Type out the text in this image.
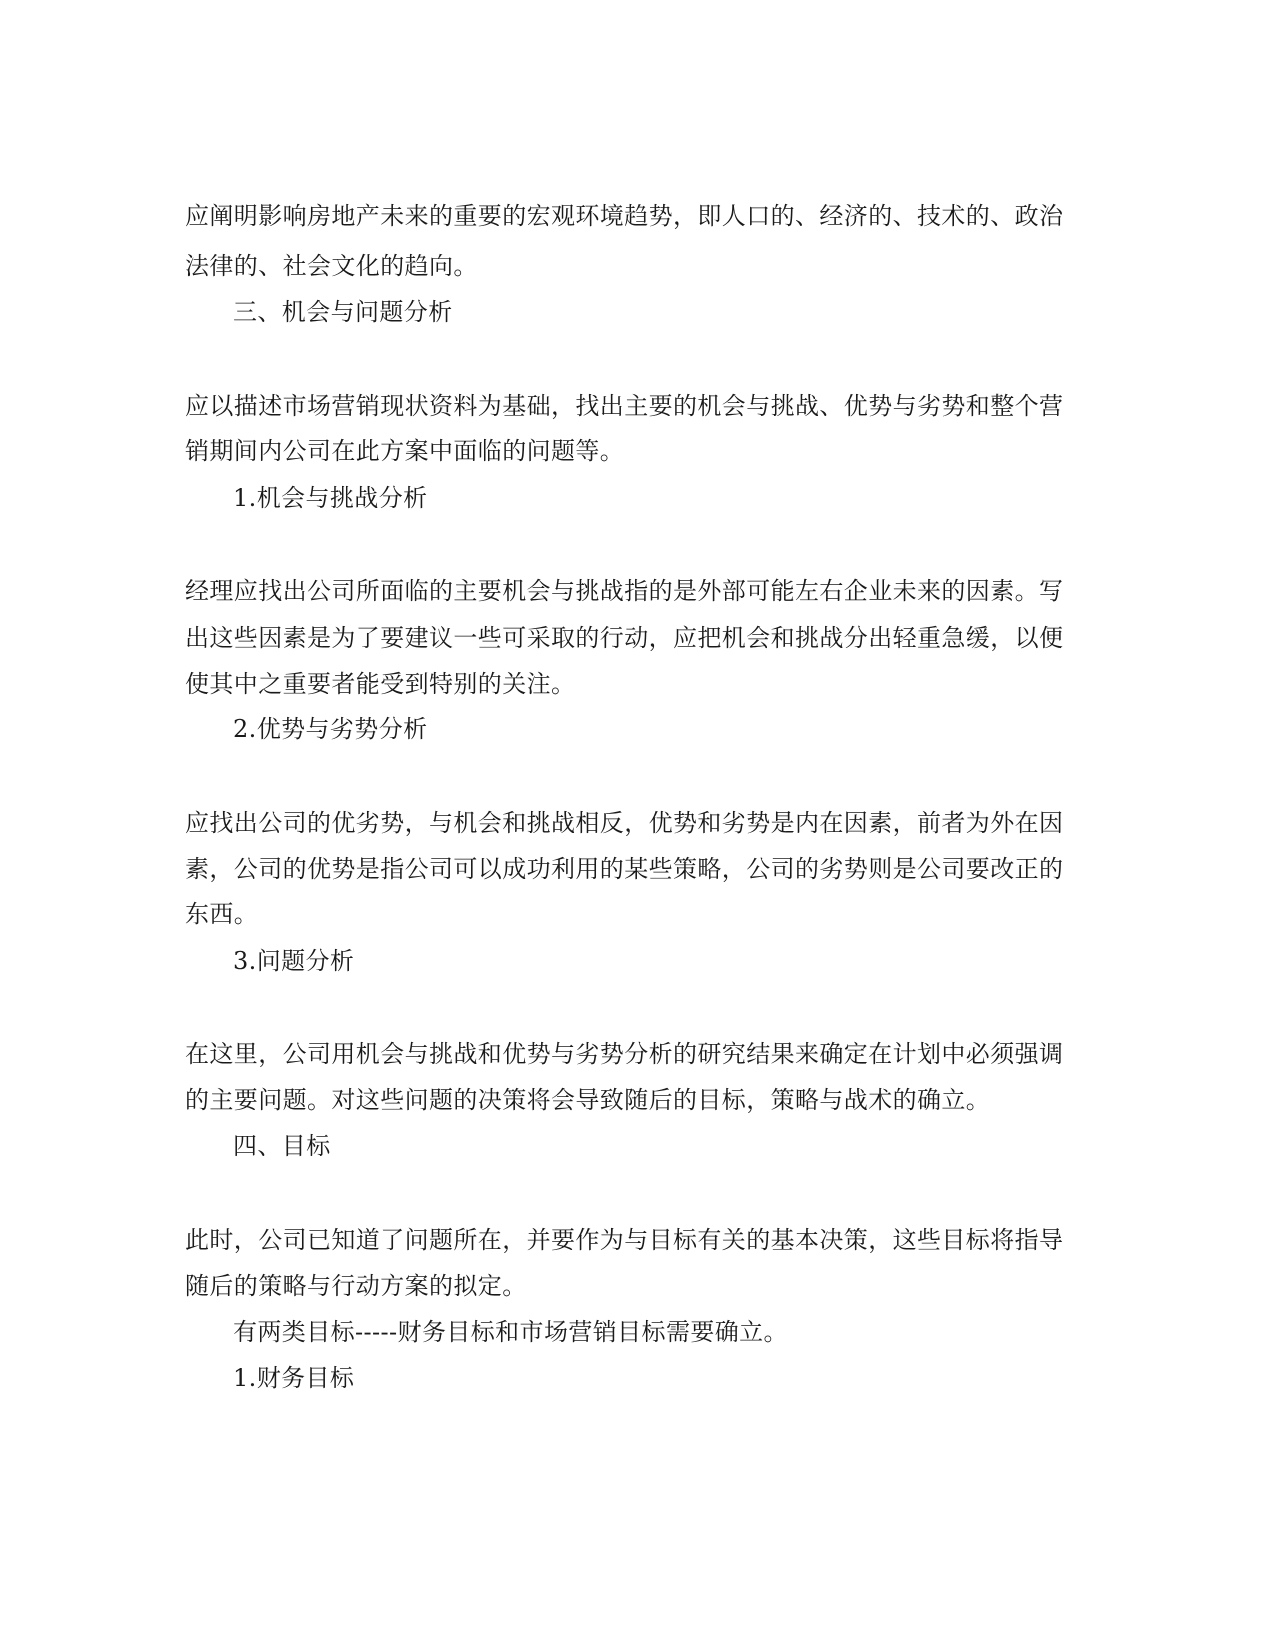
应阐明影响房地产未来的重要的宏观环境趋势，即人口的、经济的、技术的、政治
法律的、社会文化的趋向。
三、机会与问题分析
应以描述市场营销现状资料为基础，找出主要的机会与挑战、优势与劣势和整个营
销期间内公司在此方案中面临的问题等。
1.机会与挑战分析
经理应找出公司所面临的主要机会与挑战指的是外部可能左右企业未来的因素。写
出这些因素是为了要建议一些可采取的行动，应把机会和挑战分出轻重急缓，以便
使其中之重要者能受到特别的关注。
2.优势与劣势分析
应找出公司的优劣势，与机会和挑战相反，优势和劣势是内在因素，前者为外在因
素，公司的优势是指公司可以成功利用的某些策略，公司的劣势则是公司要改正的
东西。
3.问题分析
在这里，公司用机会与挑战和优势与劣势分析的研究结果来确定在计划中必须强调
的主要问题。对这些问题的决策将会导致随后的目标，策略与战术的确立。
四、目标
此时，公司已知道了问题所在，并要作为与目标有关的基本决策，这些目标将指导
随后的策略与行动方案的拟定。
有两类目标-----财务目标和市场营销目标需要确立。
1.财务目标
